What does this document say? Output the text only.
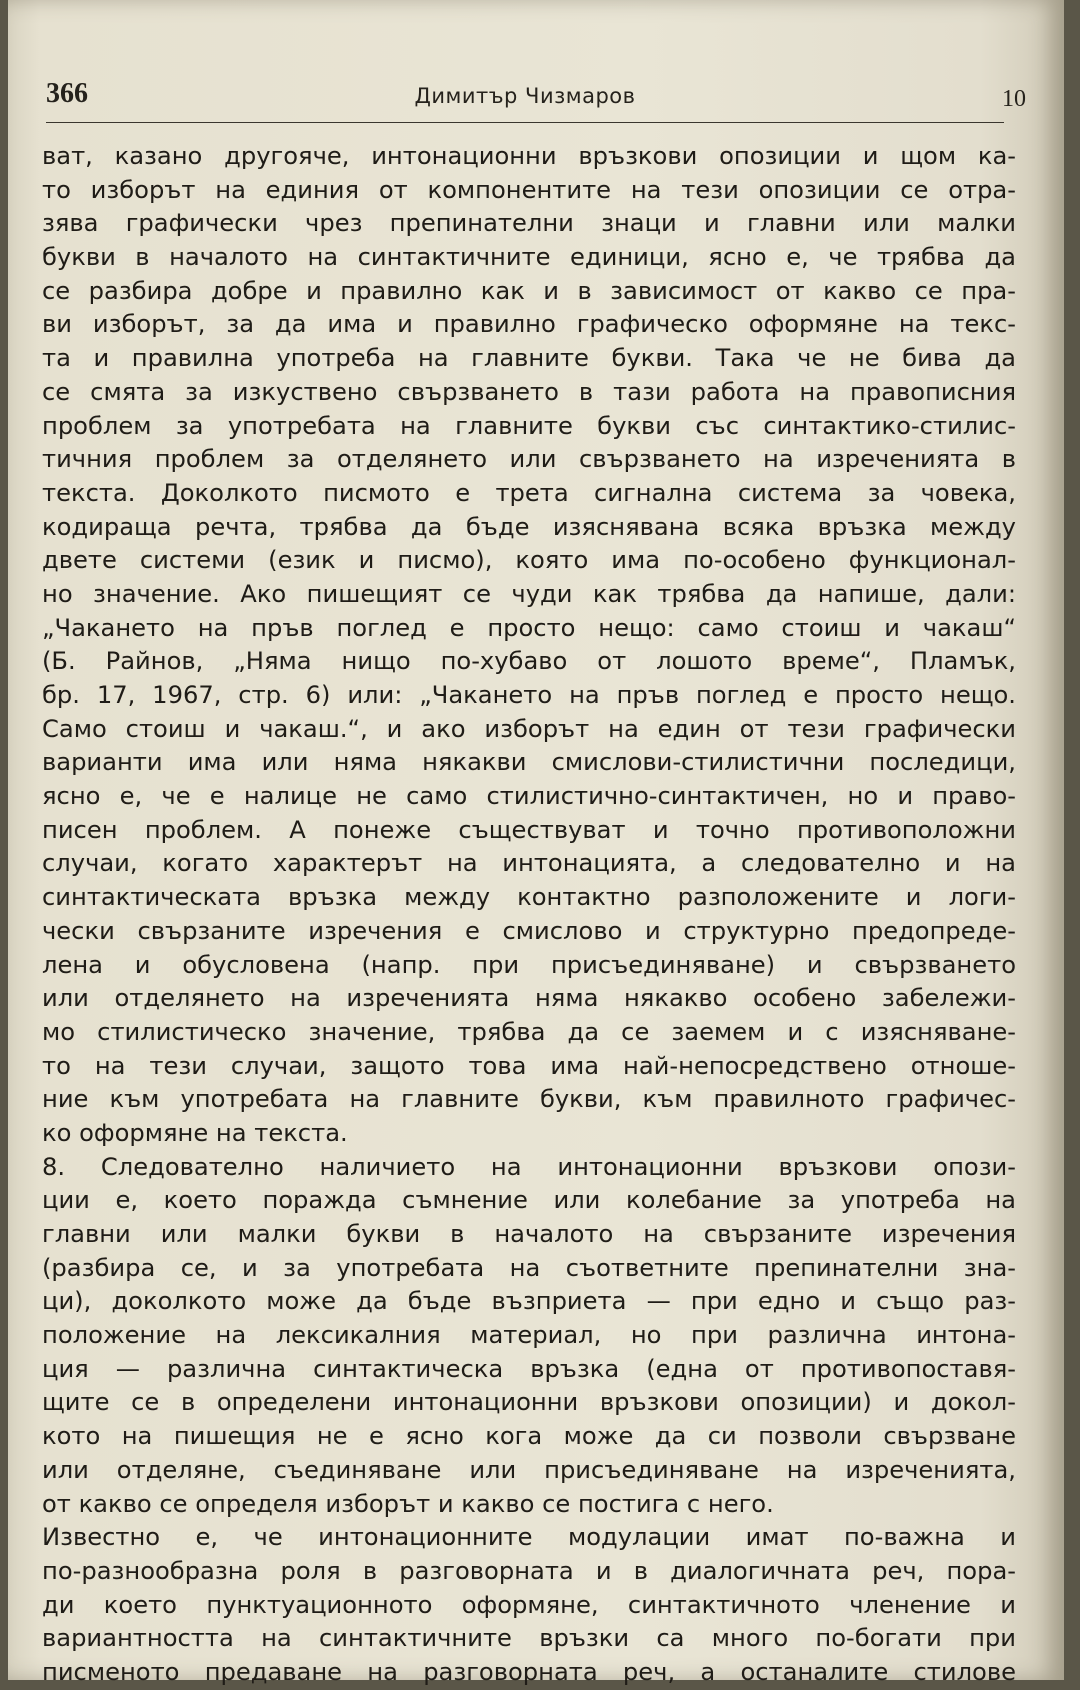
366	Димитър Чизмаров	10
ват, казано другояче, интонационни връзкови опозиции и щом ка-
то изборът на единия от компонентите на тези опозиции се отра-
зява графически чрез препинателни знаци и главни или малки
букви в началото на синтактичните единици, ясно е, че трябва да
се разбира добре и правилно как и в зависимост от какво се пра-
ви изборът, за да има и правилно графическо оформяне на текс-
та и правилна употреба на главните букви. Така че не бива да
се смята за изкуствено свързването в тази работа на правописния
проблем за употребата на главните букви със синтактико-стилис-
тичния проблем за отделянето или свързването на изреченията в
текста. Доколкото писмото е трета сигнална система за човека,
кодираща речта, трябва да бъде изяснявана всяка връзка между
двете системи (език и писмо), която има по-особено функционал-
но значение. Ако пишещият се чуди как трябва да напише, дали:
„Чакането на пръв поглед е просто нещо: само стоиш и чакаш“
(Б. Райнов, „Няма нищо по-хубаво от лошото време“, Пламък,
бр. 17, 1967, стр. 6) или: „Чакането на пръв поглед е просто нещо.
Само стоиш и чакаш.“, и ако изборът на един от тези графически
варианти има или няма някакви смислови-стилистични последици,
ясно е, че е налице не само стилистично-синтактичен, но и право-
писен проблем. А понеже съществуват и точно противоположни
случаи, когато характерът на интонацията, а следователно и на
синтактическата връзка между контактно разположените и логи-
чески свързаните изречения е смислово и структурно предопреде-
лена и обусловена (напр. при присъединяване) и свързването
или отделянето на изреченията няма някакво особено забележи-
мо стилистическо значение, трябва да се заемем и с изясняване-
то на тези случаи, защото това има най-непосредствено отноше-
ние към употребата на главните букви, към правилното графичес-
ко оформяне на текста.
8. Следователно наличието на интонационни връзкови опози-
ции е, което поражда съмнение или колебание за употреба на
главни или малки букви в началото на свързаните изречения
(разбира се, и за употребата на съответните препинателни зна-
ци), доколкото може да бъде възприета — при едно и също раз-
положение на лексикалния материал, но при различна интона-
ция — различна синтактическа връзка (една от противопоставя-
щите се в определени интонационни връзкови опозиции) и докол-
кото на пишещия не е ясно кога може да си позволи свързване
или отделяне, съединяване или присъединяване на изреченията,
от какво се определя изборът и какво се постига с него.
Известно е, че интонационните модулации имат по-важна и
по-разнообразна роля в разговорната и в диалогичната реч, пора-
ди което пунктуационното оформяне, синтактичното членение и
вариантността на синтактичните връзки са много по-богати при
писменото предаване на разговорната реч, а останалите стилове
